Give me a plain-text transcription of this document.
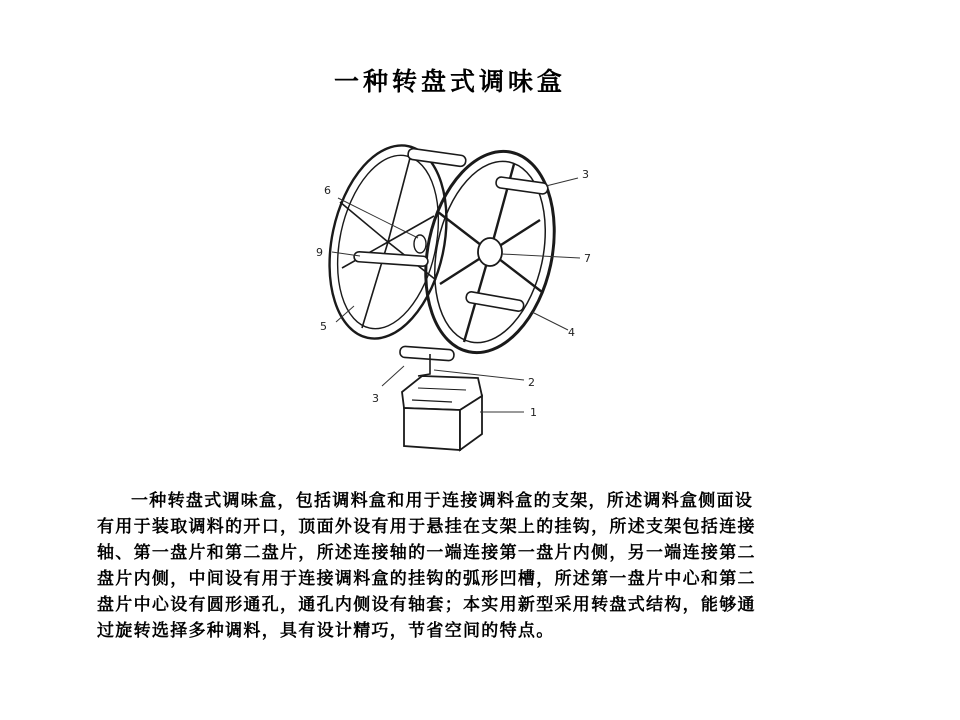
一种转盘式调味盒
1
2
3
3
4
5
6
7
9
一种转盘式调味盒，包括调料盒和用于连接调料盒的支架，所述调料盒侧面设
有用于装取调料的开口，顶面外设有用于悬挂在支架上的挂钩，所述支架包括连接
轴、第一盘片和第二盘片，所述连接轴的一端连接第一盘片内侧，另一端连接第二
盘片内侧，中间设有用于连接调料盒的挂钩的弧形凹槽，所述第一盘片中心和第二
盘片中心设有圆形通孔，通孔内侧设有轴套；本实用新型采用转盘式结构，能够通
过旋转选择多种调料，具有设计精巧，节省空间的特点。
